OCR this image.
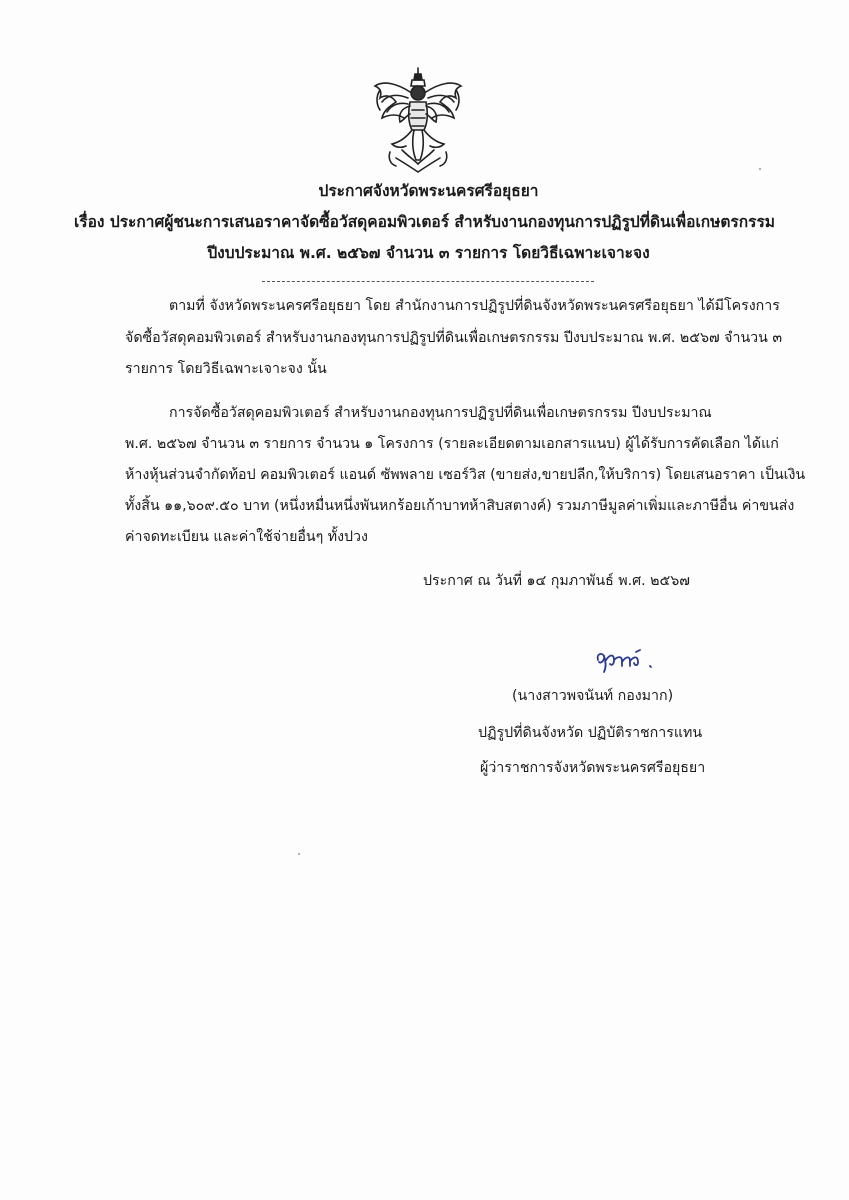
ประกาศจังหวัดพระนครศรีอยุธยา
เรื่อง ประกาศผู้ชนะการเสนอราคาจัดซื้อวัสดุคอมพิวเตอร์ สำหรับงานกองทุนการปฏิรูปที่ดินเพื่อเกษตรกรรม
ปีงบประมาณ พ.ศ. ๒๕๖๗ จำนวน ๓ รายการ โดยวิธีเฉพาะเจาะจง
ตามที่ จังหวัดพระนครศรีอยุธยา โดย สำนักงานการปฏิรูปที่ดินจังหวัดพระนครศรีอยุธยา ได้มีโครงการ
จัดซื้อวัสดุคอมพิวเตอร์ สำหรับงานกองทุนการปฏิรูปที่ดินเพื่อเกษตรกรรม ปีงบประมาณ พ.ศ. ๒๕๖๗ จำนวน ๓
รายการ โดยวิธีเฉพาะเจาะจง นั้น
การจัดซื้อวัสดุคอมพิวเตอร์ สำหรับงานกองทุนการปฏิรูปที่ดินเพื่อเกษตรกรรม ปีงบประมาณ
พ.ศ. ๒๕๖๗ จำนวน ๓ รายการ จำนวน ๑ โครงการ (รายละเอียดตามเอกสารแนบ) ผู้ได้รับการคัดเลือก ได้แก่
ห้างหุ้นส่วนจำกัดท้อป คอมพิวเตอร์ แอนด์ ซัพพลาย เซอร์วิส (ขายส่ง,ขายปลีก,ให้บริการ) โดยเสนอราคา เป็นเงิน
ทั้งสิ้น ๑๑,๖๐๙.๕๐ บาท (หนึ่งหมื่นหนึ่งพันหกร้อยเก้าบาทห้าสิบสตางค์) รวมภาษีมูลค่าเพิ่มและภาษีอื่น ค่าขนส่ง
ค่าจดทะเบียน และค่าใช้จ่ายอื่นๆ ทั้งปวง
ประกาศ ณ วันที่ ๑๔ กุมภาพันธ์ พ.ศ. ๒๕๖๗
(นางสาวพจนันท์ กองมาก)
ปฏิรูปที่ดินจังหวัด ปฏิบัติราชการแทน
ผู้ว่าราชการจังหวัดพระนครศรีอยุธยา
